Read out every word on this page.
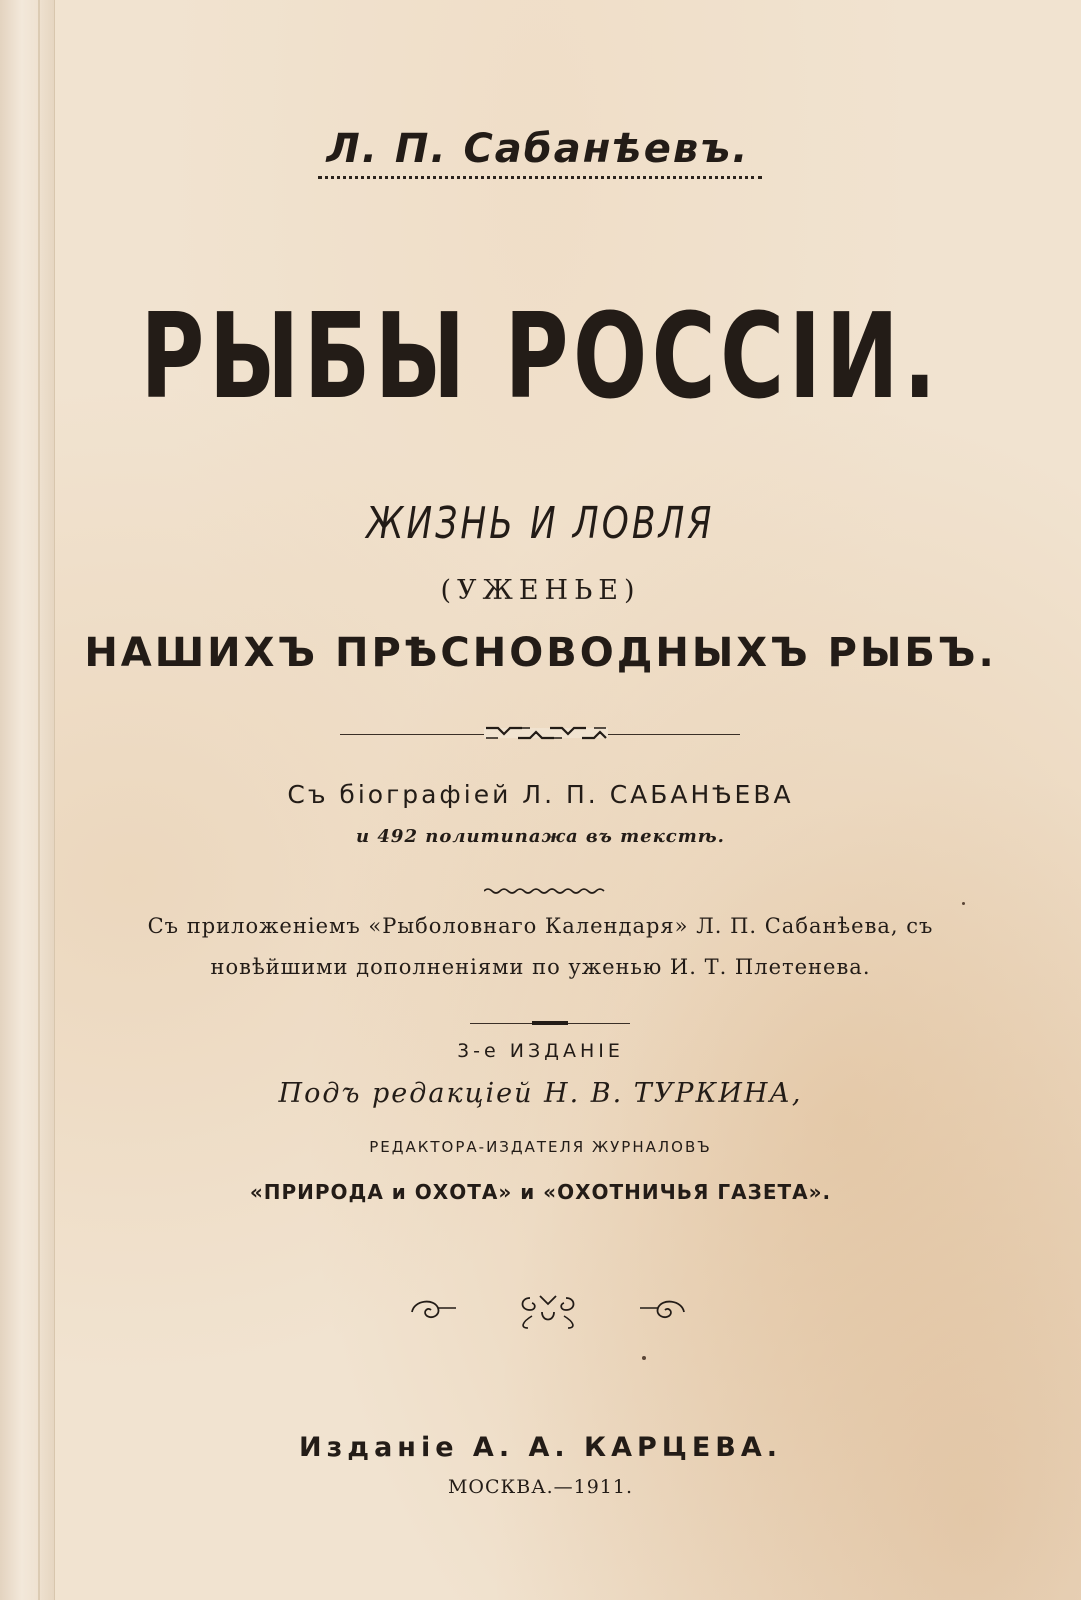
Л. П. Сабанѣевъ.
РЫБЫ РОССІИ.
ЖИЗНЬ И ЛОВЛЯ
(УЖЕНЬЕ)
НАШИХЪ ПРѢСНОВОДНЫХЪ РЫБЪ.
Съ біографіей Л. П. САБАНѢЕВА
и 492 политипажа въ текстѣ.
Съ приложеніемъ «Рыболовнаго Календаря» Л. П. Сабанѣева, съ
новѣйшими дополненіями по уженью И. Т. Плетенева.
3-е ИЗДАНІЕ
Подъ редакціей Н. В. ТУРКИНА,
РЕДАКТОРА-ИЗДАТЕЛЯ ЖУРНАЛОВЪ
«ПРИРОДА и ОХОТА» и «ОХОТНИЧЬЯ ГАЗЕТА».
Изданіе А. А. КАРЦЕВА.
МОСКВА.—1911.
